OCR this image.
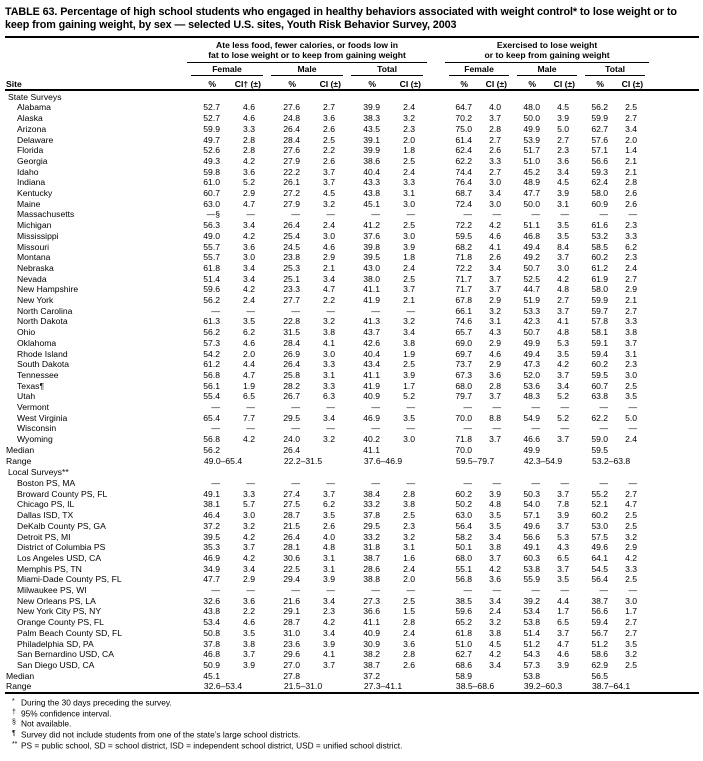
TABLE 63. Percentage of high school students who engaged in healthy behaviors associated with weight control* to lose weight or to keep from gaining weight, by sex — selected U.S. sites, Youth Risk Behavior Survey, 2003

	Ate less food, fewer calories, or foods low in
fat to lose weight or to keep from gaining weight							Exercised to lose weight
or to keep from gaining weight						

	Female		Male		Total			Female		Male		Total		

Site	%	CI† (±)	%	CI (±)	%	CI (±)		%	CI (±)	%	CI (±)	%	CI (±)	
State Surveys														
Alabama	52.7	4.6	27.6	2.7	39.9	2.4		64.7	4.0	48.0	4.5	56.2	2.5	
Alaska	52.7	4.6	24.8	3.6	38.3	3.2		70.2	3.7	50.0	3.9	59.9	2.7	
Arizona	59.9	3.3	26.4	2.6	43.5	2.3		75.0	2.8	49.9	5.0	62.7	3.4	
Delaware	49.7	2.8	28.4	2.5	39.1	2.0		61.4	2.7	53.9	2.7	57.6	2.0	
Florida	52.6	2.8	27.6	2.2	39.9	1.8		62.4	2.6	51.7	2.3	57.1	1.4	
Georgia	49.3	4.2	27.9	2.6	38.6	2.5		62.2	3.3	51.0	3.6	56.6	2.1	
Idaho	59.8	3.6	22.2	3.7	40.4	2.4		74.4	2.7	45.2	3.4	59.3	2.1	
Indiana	61.0	5.2	26.1	3.7	43.3	3.3		76.4	3.0	48.9	4.5	62.4	2.8	
Kentucky	60.7	2.9	27.2	4.5	43.8	3.1		68.7	3.4	47.7	3.9	58.0	2.6	
Maine	63.0	4.7	27.9	3.2	45.1	3.0		72.4	3.0	50.0	3.1	60.9	2.6	
Massachusetts	—§	—	—	—	—	—		—	—	—	—	—	—	
Michigan	56.3	3.4	26.4	2.4	41.2	2.5		72.2	4.2	51.1	3.5	61.6	2.3	
Mississippi	49.0	4.2	25.4	3.0	37.6	3.0		59.5	4.6	46.8	3.5	53.2	3.3	
Missouri	55.7	3.6	24.5	4.6	39.8	3.9		68.2	4.1	49.4	8.4	58.5	6.2	
Montana	55.7	3.0	23.8	2.9	39.5	1.8		71.8	2.6	49.2	3.7	60.2	2.3	
Nebraska	61.8	3.4	25.3	2.1	43.0	2.4		72.2	3.4	50.7	3.0	61.2	2.4	
Nevada	51.4	3.4	25.1	3.4	38.0	2.5		71.7	3.7	52.5	4.2	61.9	2.7	
New Hampshire	59.6	4.2	23.3	4.7	41.1	3.7		71.7	3.7	44.7	4.8	58.0	2.9	
New York	56.2	2.4	27.7	2.2	41.9	2.1		67.8	2.9	51.9	2.7	59.9	2.1	
North Carolina	—	—	—	—	—	—		66.1	3.2	53.3	3.7	59.7	2.7	
North Dakota	61.3	3.5	22.8	3.2	41.3	3.2		74.6	3.1	42.3	4.1	57.8	3.3	
Ohio	56.2	6.2	31.5	3.8	43.7	3.4		65.7	4.3	50.7	4.8	58.1	3.8	
Oklahoma	57.3	4.6	28.4	4.1	42.6	3.8		69.0	2.9	49.9	5.3	59.1	3.7	
Rhode Island	54.2	2.0	26.9	3.0	40.4	1.9		69.7	4.6	49.4	3.5	59.4	3.1	
South Dakota	61.2	4.4	26.4	3.3	43.4	2.5		73.7	2.9	47.3	4.2	60.2	2.3	
Tennessee	56.8	4.7	25.8	3.1	41.1	3.9		67.3	3.6	52.0	3.7	59.5	3.0	
Texas¶	56.1	1.9	28.2	3.3	41.9	1.7		68.0	2.8	53.6	3.4	60.7	2.5	
Utah	55.4	6.5	26.7	6.3	40.9	5.2		79.7	3.7	48.3	5.2	63.8	3.5	
Vermont	—	—	—	—	—	—		—	—	—	—	—	—	
West Virginia	65.4	7.7	29.5	3.4	46.9	3.5		70.0	8.8	54.9	5.2	62.2	5.0	
Wisconsin	—	—	—	—	—	—		—	—	—	—	—	—	
Wyoming	56.8	4.2	24.0	3.2	40.2	3.0		71.8	3.7	46.6	3.7	59.0	2.4	
Median	56.2		26.4		41.1			70.0		49.9		59.5		
Range	49.0–65.4		22.2–31.5		37.6–46.9			59.5–79.7		42.3–54.9		53.2–63.8		
Local Surveys**														
Boston PS, MA	—	—	—	—	—	—		—	—	—	—	—	—	
Broward County PS, FL	49.1	3.3	27.4	3.7	38.4	2.8		60.2	3.9	50.3	3.7	55.2	2.7	
Chicago PS, IL	38.1	5.7	27.5	6.2	33.2	3.8		50.2	4.8	54.0	7.8	52.1	4.7	
Dallas ISD, TX	46.4	3.0	28.7	3.5	37.8	2.5		63.0	3.5	57.1	3.9	60.2	2.5	
DeKalb County PS, GA	37.2	3.2	21.5	2.6	29.5	2.3		56.4	3.5	49.6	3.7	53.0	2.5	
Detroit PS, MI	39.5	4.2	26.4	4.0	33.2	3.2		58.2	3.4	56.6	5.3	57.5	3.2	
District of Columbia PS	35.3	3.7	28.1	4.8	31.8	3.1		50.1	3.8	49.1	4.3	49.6	2.9	
Los Angeles USD, CA	46.9	4.2	30.6	3.1	38.7	1.6		68.0	3.7	60.3	6.5	64.1	4.2	
Memphis PS, TN	34.9	3.4	22.5	3.1	28.6	2.4		55.1	4.2	53.8	3.7	54.5	3.3	
Miami-Dade County PS, FL	47.7	2.9	29.4	3.9	38.8	2.0		56.8	3.6	55.9	3.5	56.4	2.5	
Milwaukee PS, WI	—	—	—	—	—	—		—	—	—	—	—	—	
New Orleans PS, LA	32.6	3.6	21.6	3.4	27.3	2.5		38.5	3.4	39.2	4.4	38.7	3.0	
New York City PS, NY	43.8	2.2	29.1	2.3	36.6	1.5		59.6	2.4	53.4	1.7	56.6	1.7	
Orange County PS, FL	53.4	4.6	28.7	4.2	41.1	2.8		65.2	3.2	53.8	6.5	59.4	2.7	
Palm Beach County SD, FL	50.8	3.5	31.0	3.4	40.9	2.4		61.8	3.8	51.4	3.7	56.7	2.7	
Philadelphia SD, PA	37.8	3.8	23.6	3.9	30.9	3.6		51.0	4.5	51.2	4.7	51.2	3.5	
San Bernardino USD, CA	46.8	3.7	29.6	4.1	38.2	2.8		62.7	4.2	54.3	4.6	58.6	3.2	
San Diego USD, CA	50.9	3.9	27.0	3.7	38.7	2.6		68.6	3.4	57.3	3.9	62.9	2.5	
Median	45.1		27.8		37.2			58.9		53.8		56.5		
Range	32.6–53.4		21.5–31.0		27.3–41.1			38.5–68.6		39.2–60.3		38.7–64.1		
* During the 30 days preceding the survey.
† 95% confidence interval.
§ Not available.
¶ Survey did not include students from one of the state’s large school districts.
** PS = public school, SD = school district, ISD = independent school district, USD = unified school district.
